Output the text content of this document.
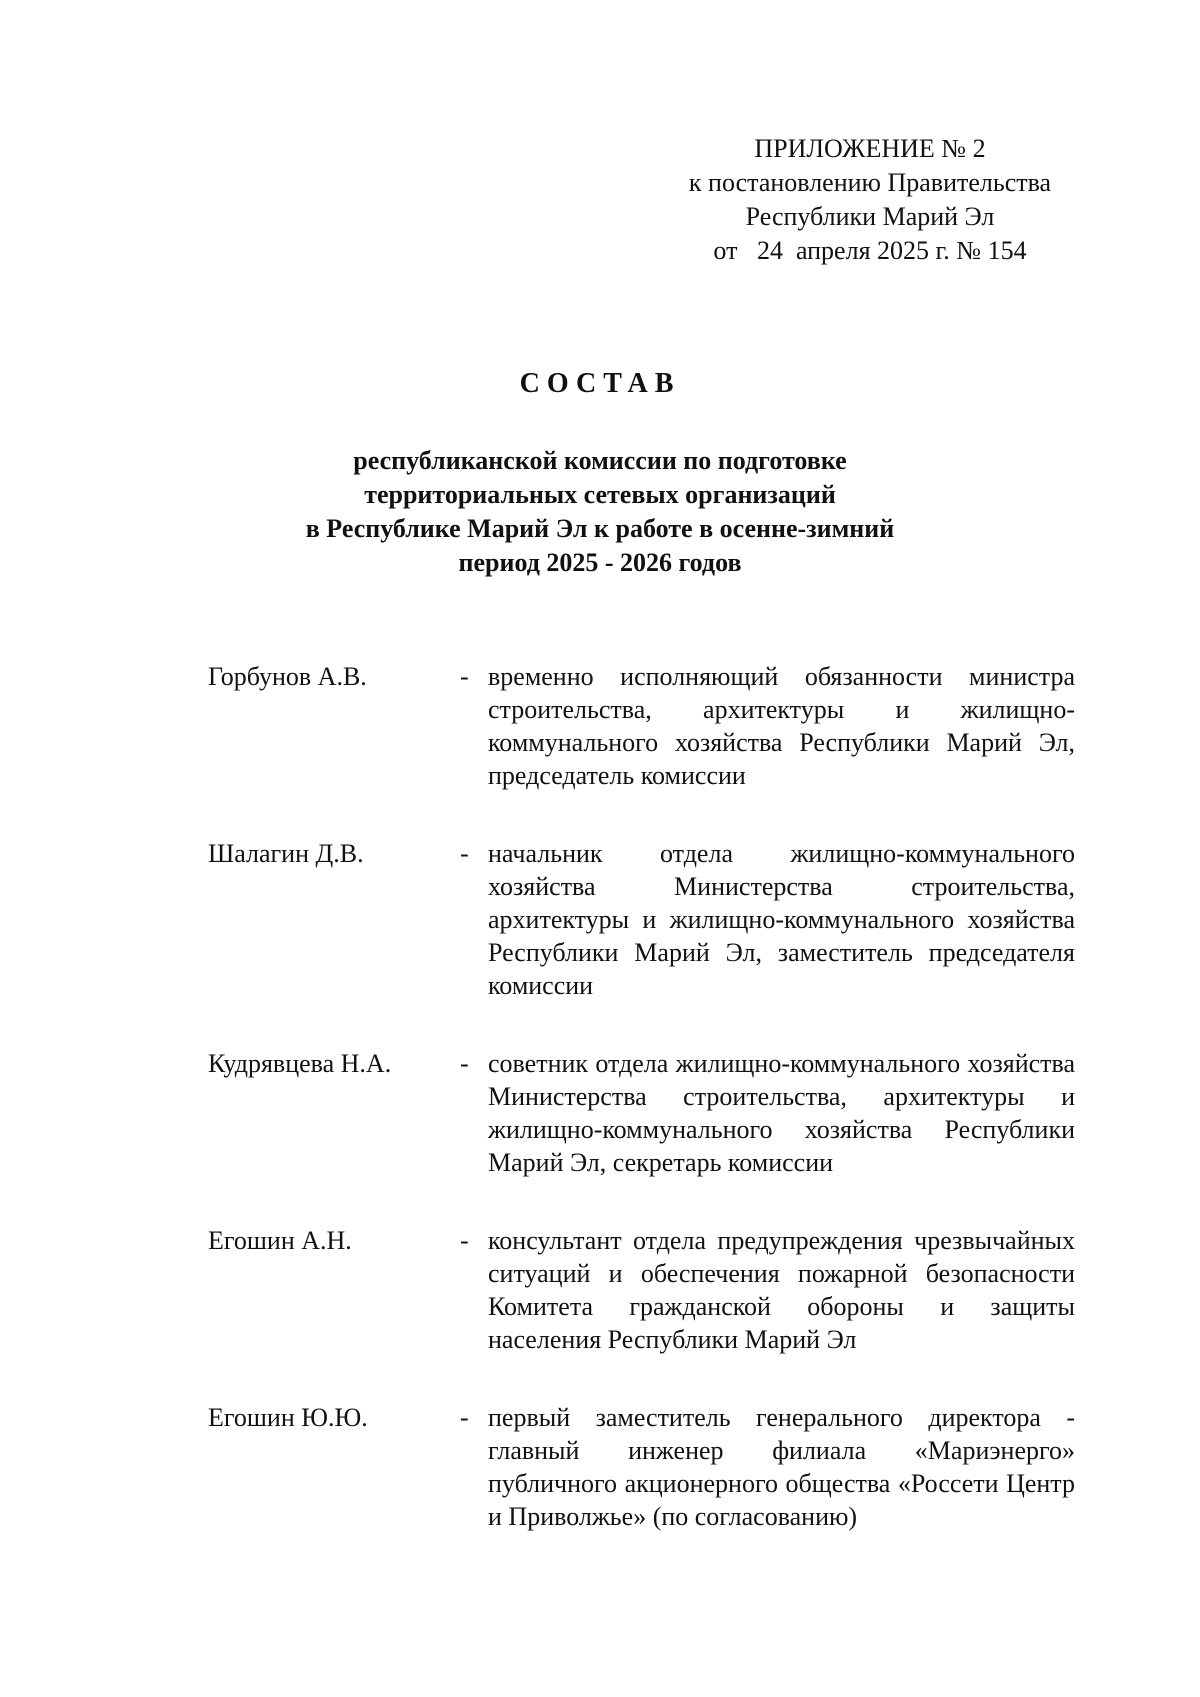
ПРИЛОЖЕНИЕ № 2
к постановлению Правительства
Республики Марий Эл
от   24  апреля 2025 г. № 154
СОСТАВ
республиканской комиссии по подготовке
территориальных сетевых организаций
в Республике Марий Эл к работе в осенне-зимний
период 2025 - 2026 годов
Горбунов А.В.	- временно исполняющий обязанности министра строительства, архитектуры и жилищно-коммунального хозяйства Республики Марий Эл, председатель комиссии
Шалагин Д.В.	- начальник отдела жилищно-коммунального хозяйства Министерства строительства, архитектуры и жилищно-коммунального хозяйства Республики Марий Эл, заместитель председателя комиссии
Кудрявцева Н.А.	- советник отдела жилищно-коммунального хозяйства Министерства строительства, архитектуры и жилищно-коммунального хозяйства Республики Марий Эл, секретарь комиссии
Егошин А.Н.	- консультант отдела предупреждения чрезвычайных ситуаций и обеспечения пожарной безопасности Комитета гражданской обороны и защиты населения Республики Марий Эл
Егошин Ю.Ю.	- первый заместитель генерального директора - главный инженер филиала «Мариэнерго» публичного акционерного общества «Россети Центр и Приволжье» (по согласованию)
